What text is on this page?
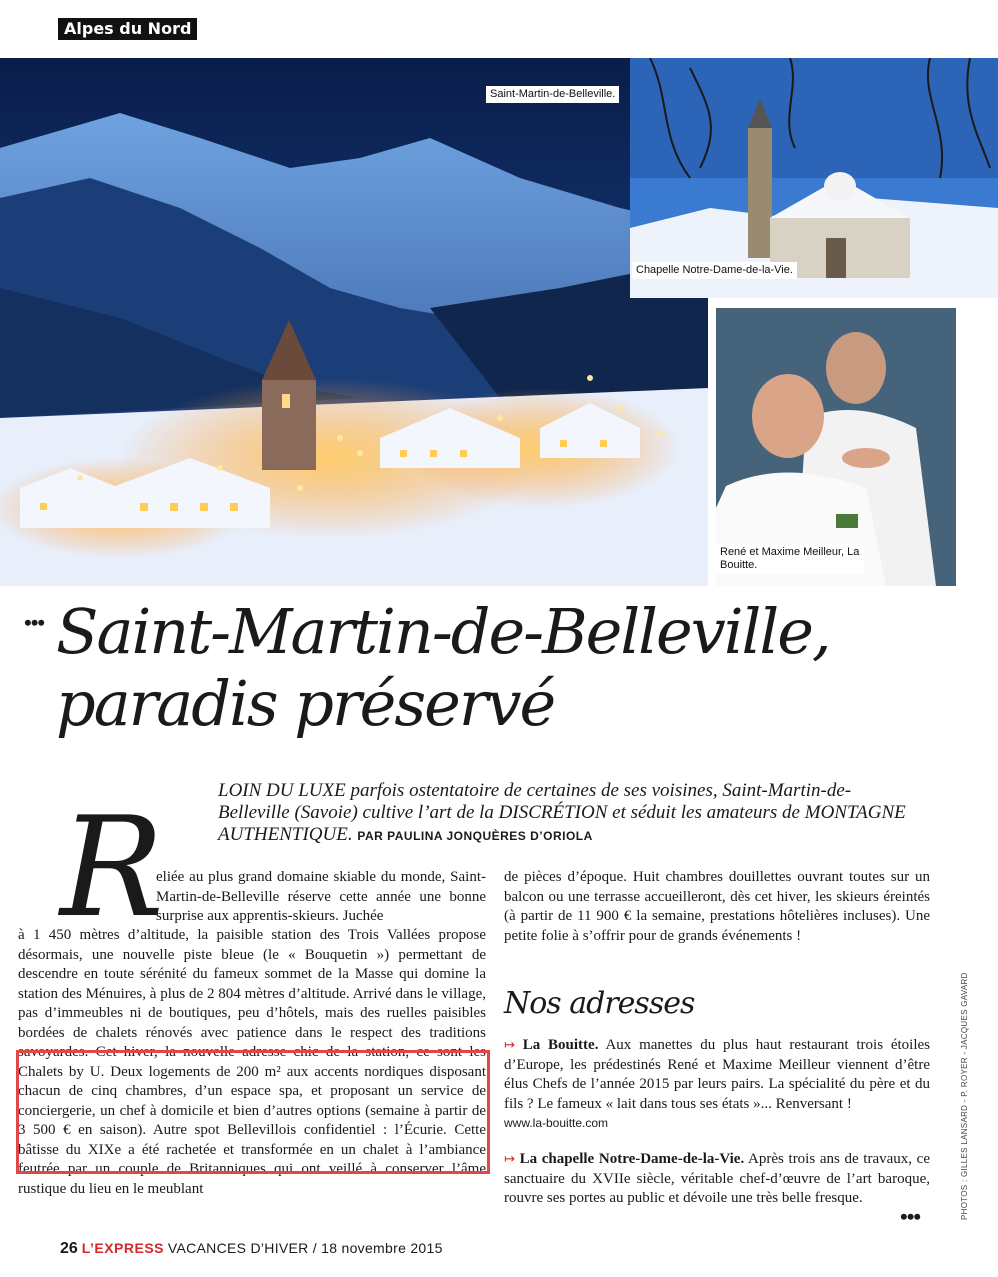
Alpes du Nord
Saint-Martin-de-Belleville.
Chapelle Notre-Dame-de-la-Vie.
René et Maxime Meilleur, La Bouitte.
••• Saint-Martin-de-Belleville,
paradis préservé

LOIN DU LUXE parfois ostentatoire de certaines de ses voisines, Saint-Martin-de-Belleville (Savoie) cultive l’art de la DISCRÉTION et séduit les amateurs de MONTAGNE AUTHENTIQUE. PAR PAULINA JONQUÈRES D’ORIOLA

R
eliée au plus grand domaine skiable du monde, Saint-Martin-de-Belleville réserve cette année une bonne surprise aux apprentis-skieurs. Juchée
à 1 450 mètres d’altitude, la paisible station des Trois Vallées propose désormais, une nouvelle piste bleue (le « Bouquetin ») permettant de descendre en toute sérénité du fameux sommet de la Masse qui domine la station des Ménuires, à plus de 2 804 mètres d’altitude. Arrivé dans le village, pas d’immeubles ni de boutiques, peu d’hôtels, mais des ruelles paisibles bordées de chalets rénovés avec patience dans le respect des traditions savoyardes. Cet hiver, la nouvelle adresse chic de la station, ce sont les Chalets by U. Deux logements de 200 m² aux accents nordiques disposant chacun de cinq chambres, d’un espace spa, et proposant un service de conciergerie, un chef à domicile et bien d’autres options (semaine à partir de 3 500 € en saison). Autre spot Bellevillois confidentiel : l’Écurie. Cette bâtisse du XIXe a été rachetée et transformée en un chalet à l’ambiance feutrée par un couple de Britanniques qui ont veillé à conserver l’âme rustique du lieu en le meublant
de pièces d’époque. Huit chambres douillettes ouvrant toutes sur un balcon ou une terrasse accueilleront, dès cet hiver, les skieurs éreintés (à partir de 11 900 € la semaine, prestations hôtelières incluses). Une petite folie à s’offrir pour de grands événements !
Nos adresses
↦ La Bouitte. Aux manettes du plus haut restaurant trois étoiles d’Europe, les prédestinés René et Maxime Meilleur viennent d’être élus Chefs de l’année 2015 par leurs pairs. La spécialité du père et du fils ? Le fameux « lait dans tous ses états »... Renversant !
www.la-bouitte.com
↦ La chapelle Notre-Dame-de-la-Vie. Après trois ans de travaux, ce sanctuaire du XVIIe siècle, véritable chef-d’œuvre de l’art baroque, rouvre ses portes au public et dévoile une très belle fresque.
•••	PHOTOS : GILLES LANSARD - P. ROYER - JACQUES GAVARD
26 L’EXPRESS VACANCES D’HIVER / 18 novembre 2015
